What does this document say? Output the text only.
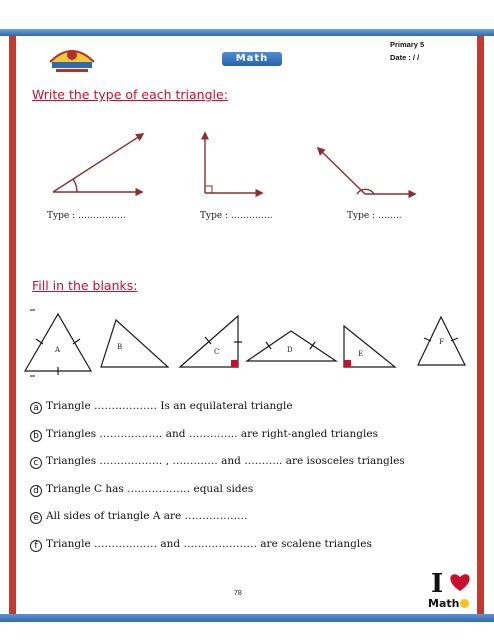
Math
Primary 5
Date : / /
Write the type of each triangle:
Type : …………….	Type : …………..	Type : ……..
Fill in the blanks:
A	B
C	D	E
F
a Triangle ……………… Is an equilateral triangle
b Triangles ……………… and ………….. are right-angled triangles
c Triangles ……………… , …………. and ……….. are isosceles triangles
d Triangle C has ……………… equal sides
e All sides of triangle A are ………………
f Triangle ……………… and ………………… are scalene triangles
78	I
Math
